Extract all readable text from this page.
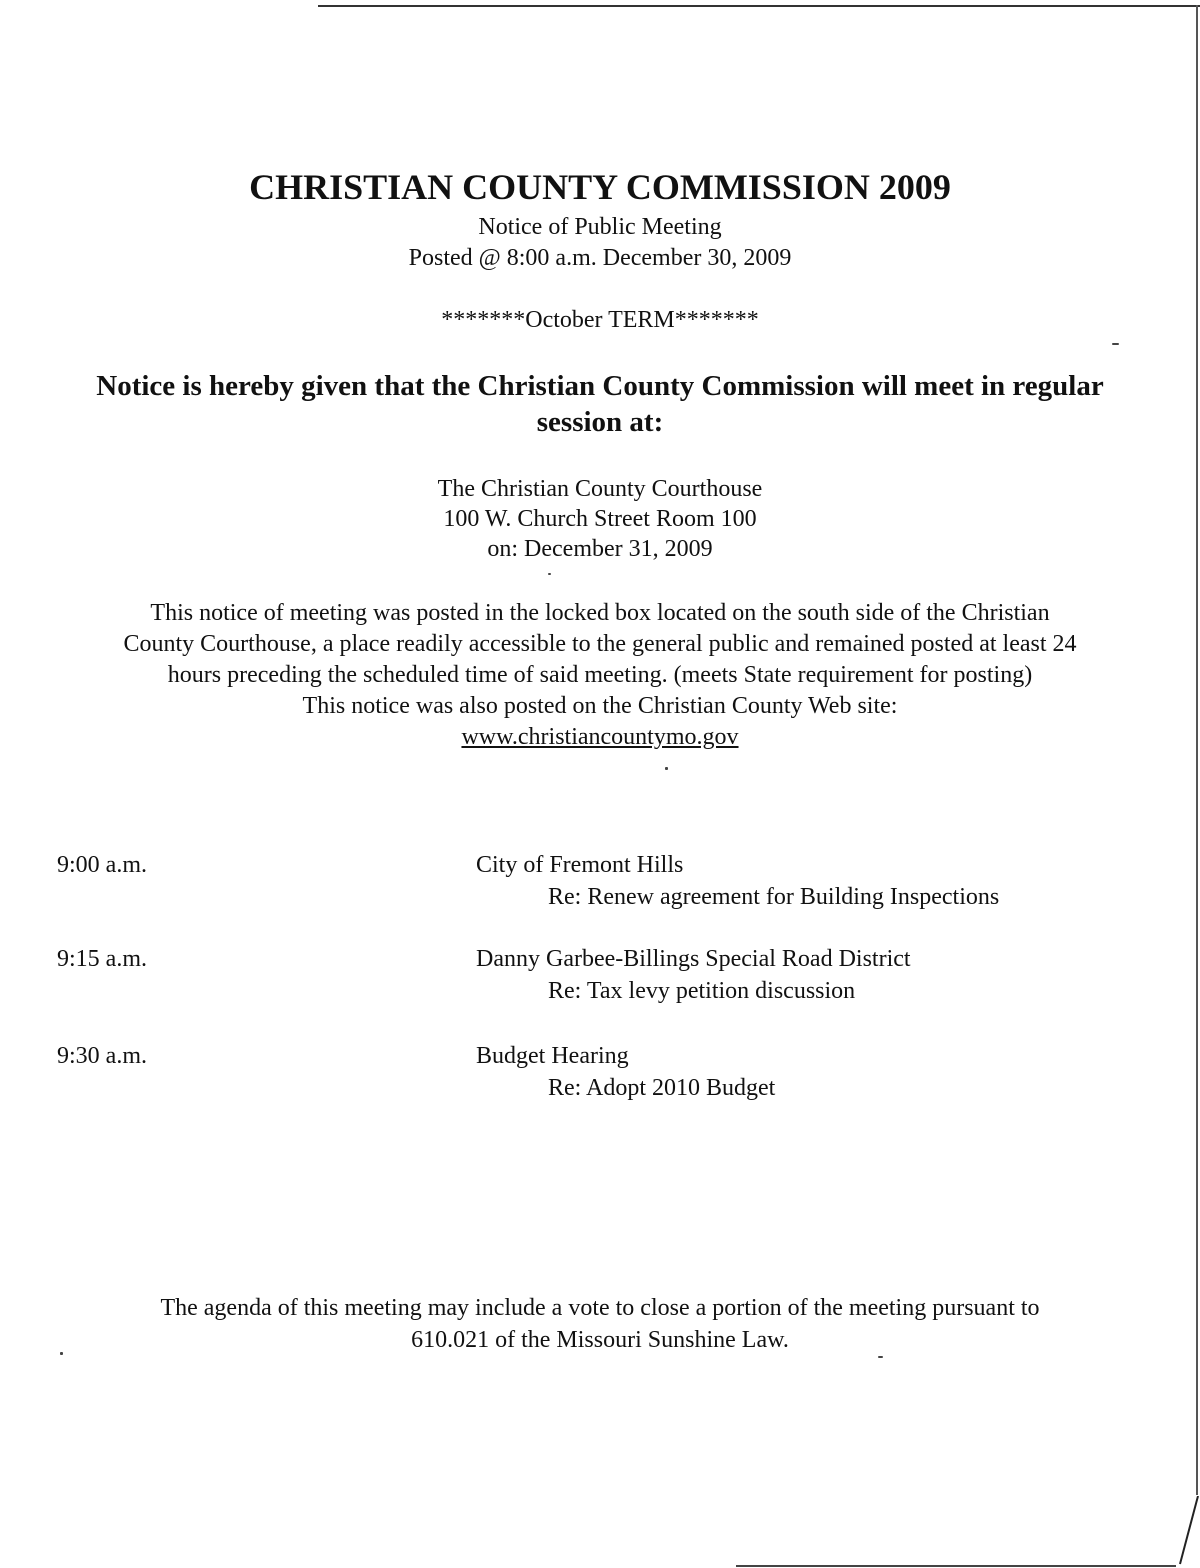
CHRISTIAN COUNTY COMMISSION 2009
Notice of Public Meeting
Posted @ 8:00 a.m. December 30, 2009
*******October TERM*******
Notice is hereby given that the Christian County Commission will meet in regular
session at:
The Christian County Courthouse
100 W. Church Street Room 100
on: December 31, 2009
This notice of meeting was posted in the locked box located on the south side of the Christian
County Courthouse, a place readily accessible to the general public and remained posted at least 24
hours preceding the scheduled time of said meeting. (meets State requirement for posting)
This notice was also posted on the Christian County Web site:
www.christiancountymo.gov
9:00 a.m.	City of Fremont Hills
Re: Renew agreement for Building Inspections
9:15 a.m.	Danny Garbee-Billings Special Road District
Re: Tax levy petition discussion
9:30 a.m.	Budget Hearing
Re: Adopt 2010 Budget
The agenda of this meeting may include a vote to close a portion of the meeting pursuant to
610.021 of the Missouri Sunshine Law.
